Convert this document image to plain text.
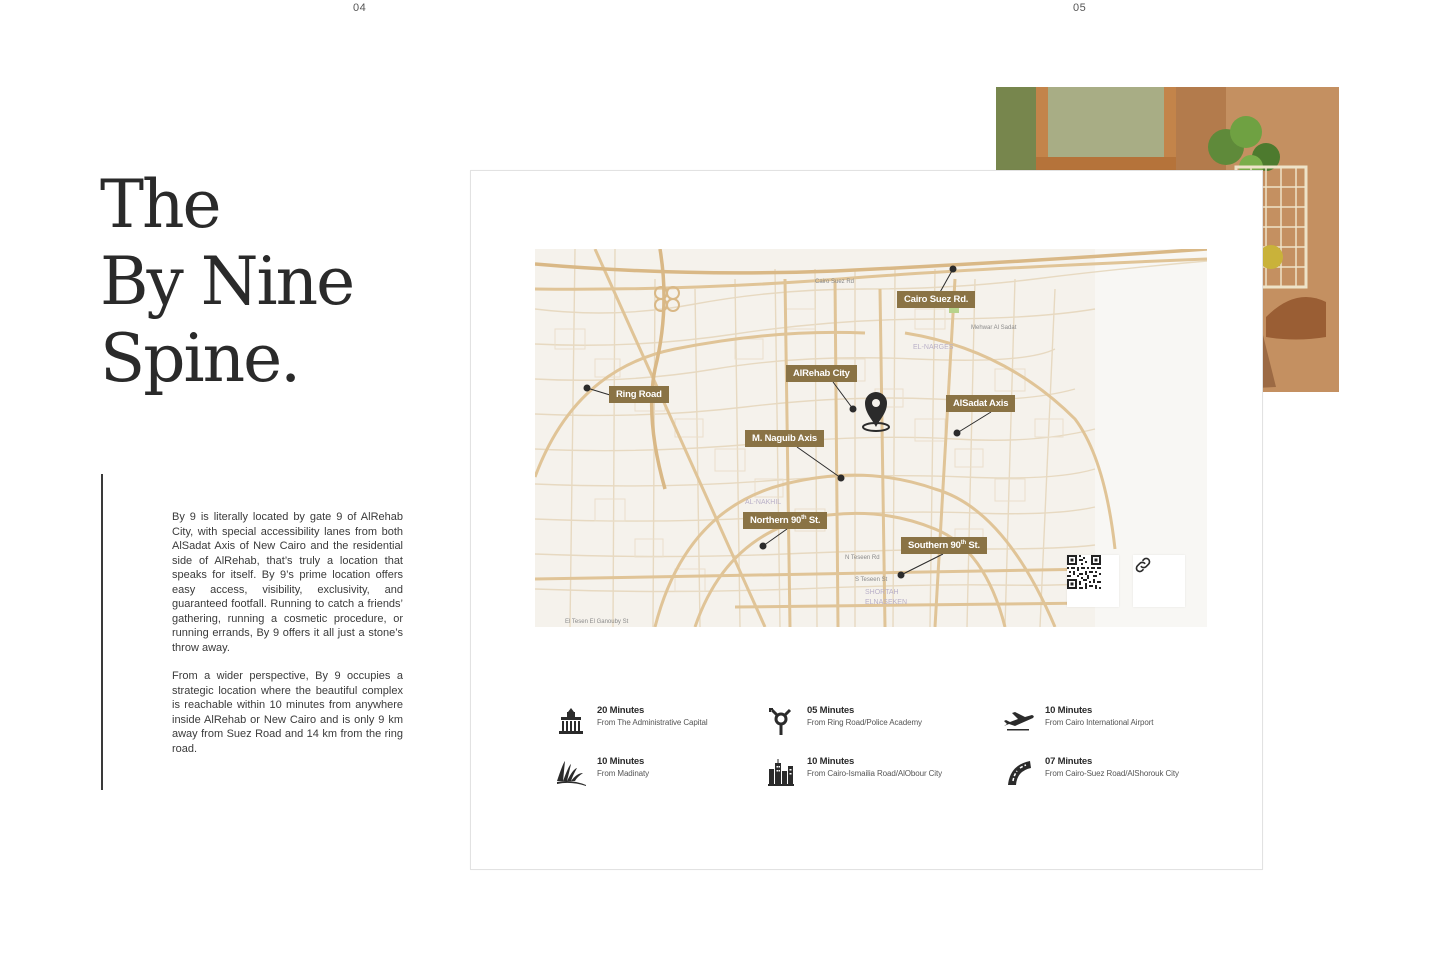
04	05
The
By Nine
Spine.

By 9 is literally located by gate 9 of AlRehab City, with special accessibility lanes from both AlSadat Axis of New Cairo and the residential side of AlRehab, that’s truly a location that speaks for itself. By 9’s prime location offers easy access, visibility, exclusivity, and guaranteed footfall. Running to catch a friends’ gathering, running a cosmetic procedure, or running errands, By 9 offers it all just a stone’s throw away.

From a wider perspective, By 9 occupies a strategic location where the beautiful complex is reachable within 10 minutes from anywhere inside AlRehab or New Cairo and is only 9 km away from Suez Road and 14 km from the ring road.

EL-NARGES
AL-NAKHIL
SHORTAH
ELNASEKEN
Cairo Suez Rd
S Teseen St
N Teseen Rd
El Tesen El Ganouby St
Mehwar Al Sadat
Cairo Suez Rd.
AlRehab City
Ring Road
AlSadat Axis
M. Naguib Axis
Northern 90th St.
Southern 90th St.
20 Minutes
From The Administrative Capital
05 Minutes
From Ring Road/Police Academy
10 Minutes
From Cairo International Airport
10 Minutes
From Madinaty
10 Minutes
From Cairo-Ismailia Road/AlObour City
07 Minutes
From Cairo-Suez Road/AlShorouk City
